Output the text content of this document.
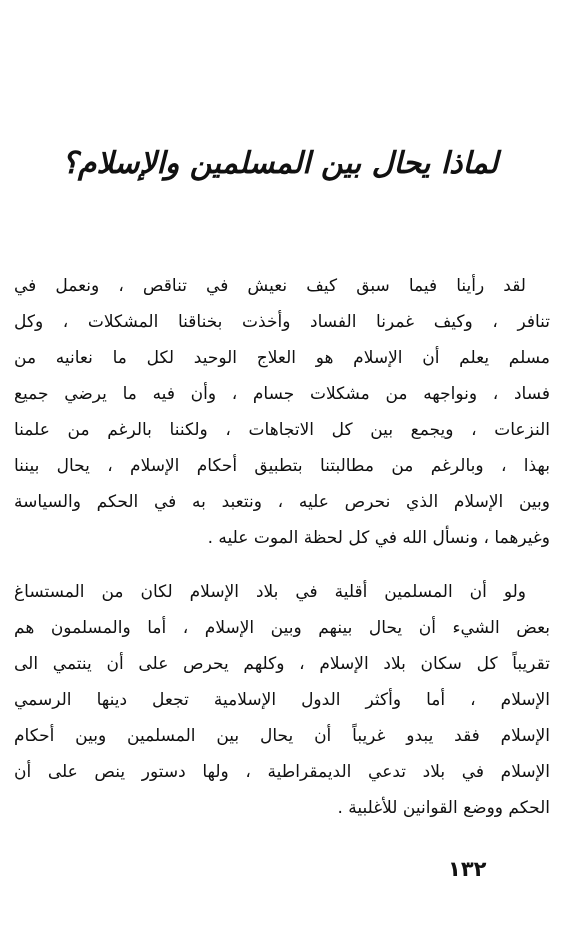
لماذا يحال بين المسلمين والإسلام؟
لقد رأينا فيما سبق كيف نعيش في تناقص ، ونعمل في
تنافر ، وكيف غمرنا الفساد وأخذت بخناقنا المشكلات ، وكل
مسلم يعلم أن الإسلام هو العلاج الوحيد لكل ما نعانيه من
فساد ، ونواجهه من مشكلات جسام ، وأن فيه ما يرضي جميع
النزعات ، ويجمع بين كل الاتجاهات ، ولكننا بالرغم من علمنا
بهذا ، وبالرغم من مطالبتنا بتطبيق أحكام الإسلام ، يحال بيننا
وبين الإسلام الذي نحرص عليه ، ونتعبد به في الحكم والسياسة
وغيرهما ، ونسأل الله في كل لحظة الموت عليه .
ولو أن المسلمين أقلية في بلاد الإسلام لكان من المستساغ
بعض الشيء أن يحال بينهم وبين الإسلام ، أما والمسلمون هم
تقريباً كل سكان بلاد الإسلام ، وكلهم يحرص على أن ينتمي الى
الإسلام ، أما وأكثر الدول الإسلامية تجعل دينها الرسمي
الإسلام فقد يبدو غريباً أن يحال بين المسلمين وبين أحكام
الإسلام في بلاد تدعي الديمقراطية ، ولها دستور ينص على أن
الحكم ووضع القوانين للأغلبية .
١٣٢
